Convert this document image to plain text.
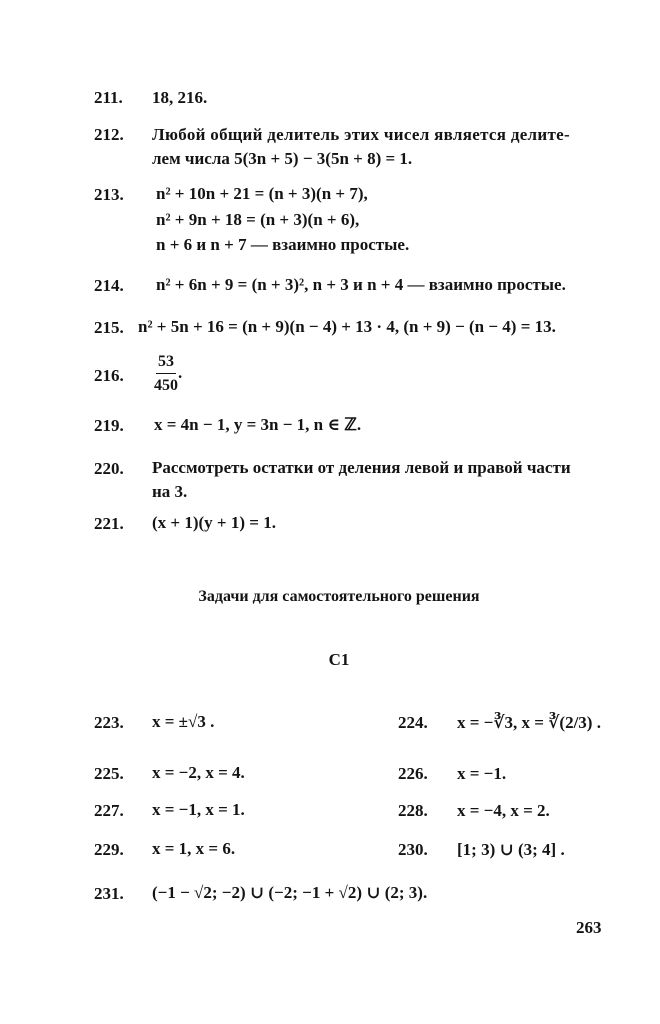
211. 18, 216.
212. Любой общий делитель этих чисел является делите-
лем числа 5(3n + 5) − 3(5n + 8) = 1.
213. n² + 10n + 21 = (n + 3)(n + 7),
n² + 9n + 18 = (n + 3)(n + 6),
n + 6 и n + 7 — взаимно простые.
214. n² + 6n + 9 = (n + 3)², n + 3 и n + 4 — взаимно простые.
215. n² + 5n + 16 = (n + 9)(n − 4) + 13 · 4, (n + 9) − (n − 4) = 13.
216. $\frac{53}{450}$ .
219. x = 4n − 1, y = 3n − 1, n ∈ ℤ.
220. Рассмотреть остатки от деления левой и правой части
на 3.
221. (x + 1)(y + 1) = 1.
Задачи для самостоятельного решения
С1
223. x = ±√3 .	224. x = −∛3, x = ∛(2/3) .
225. x = −2, x = 4.	226. x = −1.
227. x = −1, x = 1.	228. x = −4, x = 2.
229. x = 1, x = 6.	230. [1; 3) ∪ (3; 4] .
231. (−1 − √2; −2) ∪ (−2; −1 + √2) ∪ (2; 3).
263
